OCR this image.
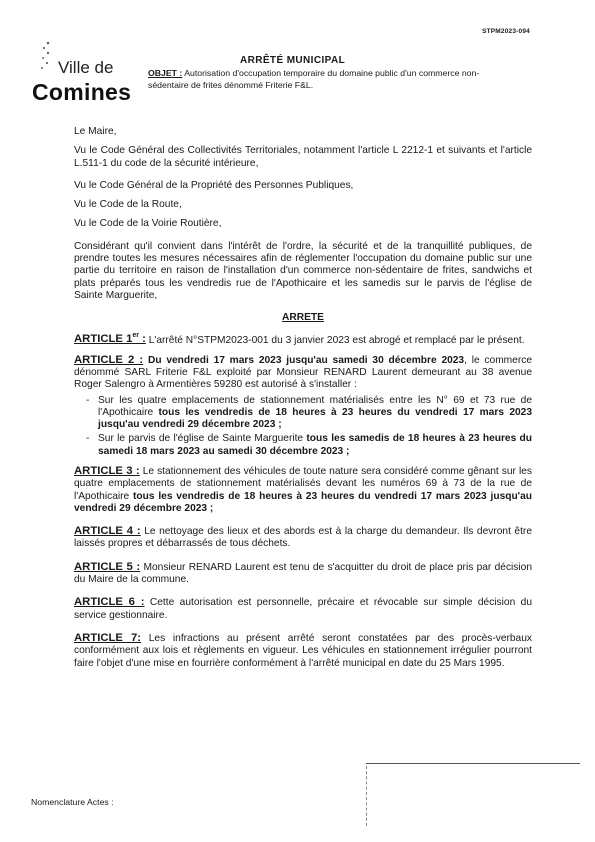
STPM2023-094
Ville de
Comines
ARRÊTÉ MUNICIPAL
OBJET : Autorisation d'occupation temporaire du domaine public d'un commerce non-sédentaire de frites dénommé Friterie F&L.

Le Maire,

Vu le Code Général des Collectivités Territoriales, notamment l'article L 2212-1 et suivants et l'article L.511-1 du code de la sécurité intérieure,

Vu le Code Général de la Propriété des Personnes Publiques,

Vu le Code de la Route,

Vu le Code de la Voirie Routière,

Considérant qu'il convient dans l'intérêt de l'ordre, la sécurité et de la tranquillité publiques, de prendre toutes les mesures nécessaires afin de réglementer l'occupation du domaine public sur une partie du territoire en raison de l'installation d'un commerce non-sédentaire de frites, sandwichs et plats préparés tous les vendredis rue de l'Apothicaire et les samedis sur le parvis de l'église de Sainte Marguerite,

ARRETE

ARTICLE 1er : L'arrêté N°STPM2023-001 du 3 janvier 2023 est abrogé et remplacé par le présent.

ARTICLE 2 : Du vendredi 17 mars 2023 jusqu'au samedi 30 décembre 2023, le commerce dénommé SARL Friterie F&L exploité par Monsieur RENARD Laurent demeurant au 38 avenue Roger Salengro à Armentières 59280 est autorisé à s'installer :

- Sur les quatre emplacements de stationnement matérialisés entre les N° 69 et 73 rue de l'Apothicaire tous les vendredis de 18 heures à 23 heures du vendredi 17 mars 2023 jusqu'au vendredi 29 décembre 2023 ;
- Sur le parvis de l'église de Sainte Marguerite tous les samedis de 18 heures à 23 heures du samedi 18 mars 2023 au samedi 30 décembre 2023 ;

ARTICLE 3 : Le stationnement des véhicules de toute nature sera considéré comme gênant sur les quatre emplacements de stationnement matérialisés devant les numéros 69 à 73 de la rue de l'Apothicaire tous les vendredis de 18 heures à 23 heures du vendredi 17 mars 2023 jusqu'au vendredi 29 décembre 2023 ;

ARTICLE 4 : Le nettoyage des lieux et des abords est à la charge du demandeur. Ils devront être laissés propres et débarrassés de tous déchets.

ARTICLE 5 : Monsieur RENARD Laurent est tenu de s'acquitter du droit de place pris par décision du Maire de la commune.

ARTICLE 6 : Cette autorisation est personnelle, précaire et révocable sur simple décision du service gestionnaire.

ARTICLE 7: Les infractions au présent arrêté seront constatées par des procès-verbaux conformément aux lois et règlements en vigueur. Les véhicules en stationnement irrégulier pourront faire l'objet d'une mise en fourrière conformément à l'arrêté municipal en date du 25 Mars 1995.

Nomenclature Actes :
